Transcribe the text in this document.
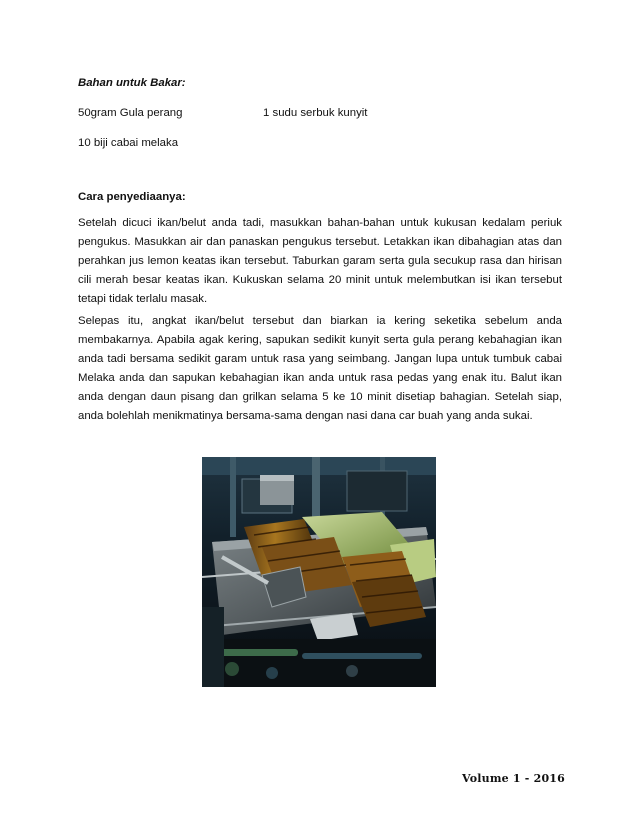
Bahan untuk Bakar:
50gram Gula perang	1 sudu serbuk kunyit
10 biji cabai melaka
Cara penyediaanya:

Setelah dicuci ikan/belut anda tadi, masukkan bahan-bahan untuk kukusan kedalam periuk pengukus. Masukkan air dan panaskan pengukus tersebut. Letakkan ikan dibahagian atas dan perahkan jus lemon keatas ikan tersebut. Taburkan garam serta gula secukup rasa dan hirisan cili merah besar keatas ikan. Kukuskan selama 20 minit untuk melembutkan isi ikan tersebut tetapi tidak terlalu masak.

Selepas itu, angkat ikan/belut tersebut dan biarkan ia kering seketika sebelum anda membakarnya. Apabila agak kering, sapukan sedikit kunyit serta gula perang kebahagian ikan anda tadi bersama sedikit garam untuk rasa yang seimbang. Jangan lupa untuk tumbuk cabai Melaka anda dan sapukan kebahagian ikan anda untuk rasa pedas yang enak itu. Balut ikan anda dengan daun pisang dan grilkan selama 5 ke 10 minit disetiap bahagian. Setelah siap, anda bolehlah menikmatinya bersama-sama dengan nasi dana car buah yang anda sukai.

Volume 1 - 2016
